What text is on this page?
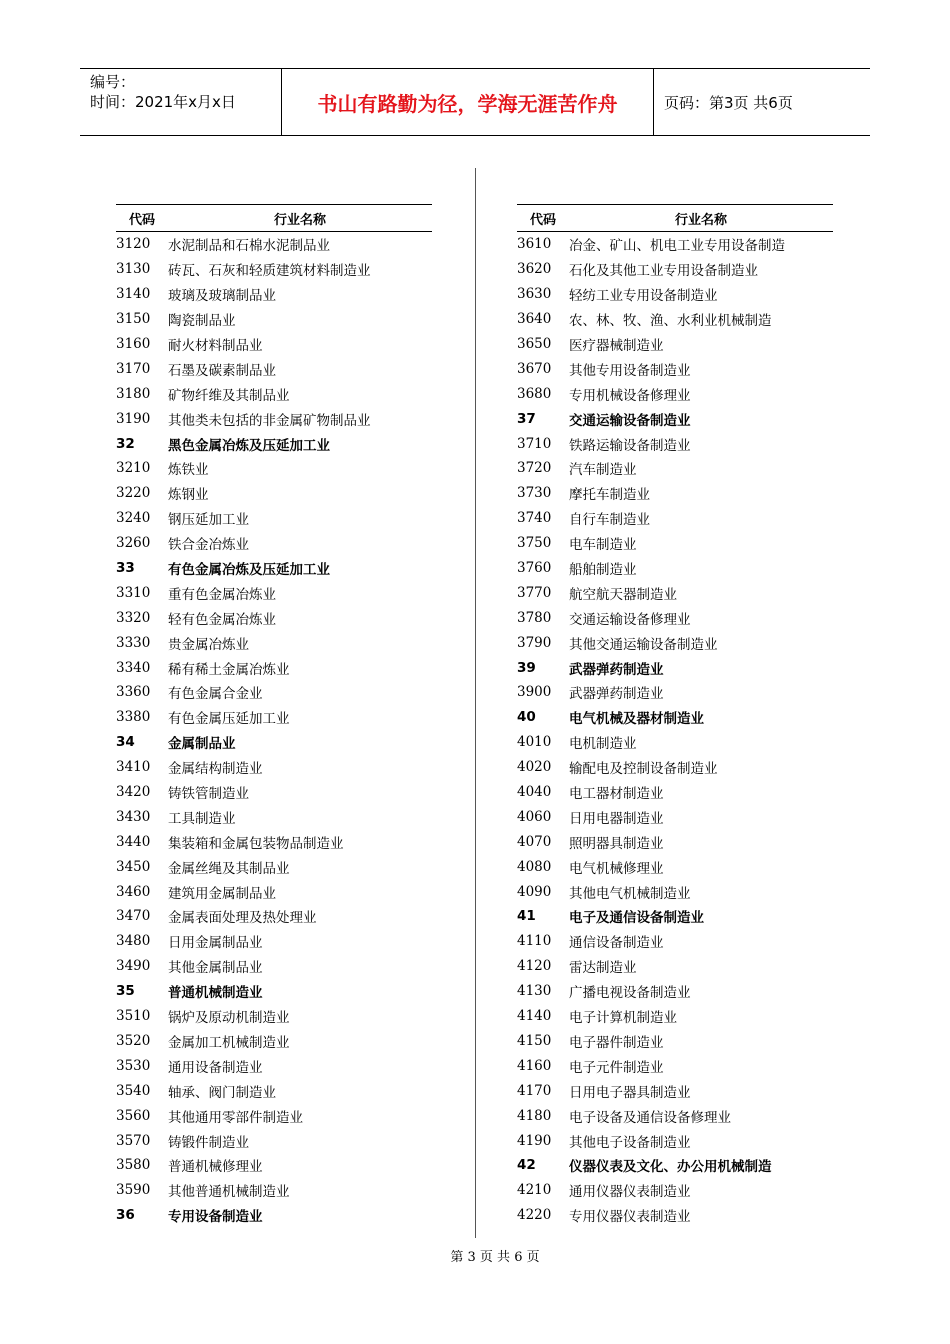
编号：
时间：2021年x月x日	书山有路勤为径，学海无涯苦作舟	页码：第3页 共6页
代码	行业名称
3120	水泥制品和石棉水泥制品业
3130	砖瓦、石灰和轻质建筑材料制造业
3140	玻璃及玻璃制品业
3150	陶瓷制品业
3160	耐火材料制品业
3170	石墨及碳素制品业
3180	矿物纤维及其制品业
3190	其他类未包括的非金属矿物制品业
32	黑色金属冶炼及压延加工业
3210	炼铁业
3220	炼钢业
3240	钢压延加工业
3260	铁合金冶炼业
33	有色金属冶炼及压延加工业
3310	重有色金属冶炼业
3320	轻有色金属冶炼业
3330	贵金属冶炼业
3340	稀有稀土金属冶炼业
3360	有色金属合金业
3380	有色金属压延加工业
34	金属制品业
3410	金属结构制造业
3420	铸铁管制造业
3430	工具制造业
3440	集装箱和金属包装物品制造业
3450	金属丝绳及其制品业
3460	建筑用金属制品业
3470	金属表面处理及热处理业
3480	日用金属制品业
3490	其他金属制品业
35	普通机械制造业
3510	锅炉及原动机制造业
3520	金属加工机械制造业
3530	通用设备制造业
3540	轴承、阀门制造业
3560	其他通用零部件制造业
3570	铸锻件制造业
3580	普通机械修理业
3590	其他普通机械制造业
36	专用设备制造业
代码	行业名称
3610	冶金、矿山、机电工业专用设备制造
3620	石化及其他工业专用设备制造业
3630	轻纺工业专用设备制造业
3640	农、林、牧、渔、水利业机械制造
3650	医疗器械制造业
3670	其他专用设备制造业
3680	专用机械设备修理业
37	交通运输设备制造业
3710	铁路运输设备制造业
3720	汽车制造业
3730	摩托车制造业
3740	自行车制造业
3750	电车制造业
3760	船舶制造业
3770	航空航天器制造业
3780	交通运输设备修理业
3790	其他交通运输设备制造业
39	武器弹药制造业
3900	武器弹药制造业
40	电气机械及器材制造业
4010	电机制造业
4020	输配电及控制设备制造业
4040	电工器材制造业
4060	日用电器制造业
4070	照明器具制造业
4080	电气机械修理业
4090	其他电气机械制造业
41	电子及通信设备制造业
4110	通信设备制造业
4120	雷达制造业
4130	广播电视设备制造业
4140	电子计算机制造业
4150	电子器件制造业
4160	电子元件制造业
4170	日用电子器具制造业
4180	电子设备及通信设备修理业
4190	其他电子设备制造业
42	仪器仪表及文化、办公用机械制造
4210	通用仪器仪表制造业
4220	专用仪器仪表制造业
第 3 页 共 6 页
